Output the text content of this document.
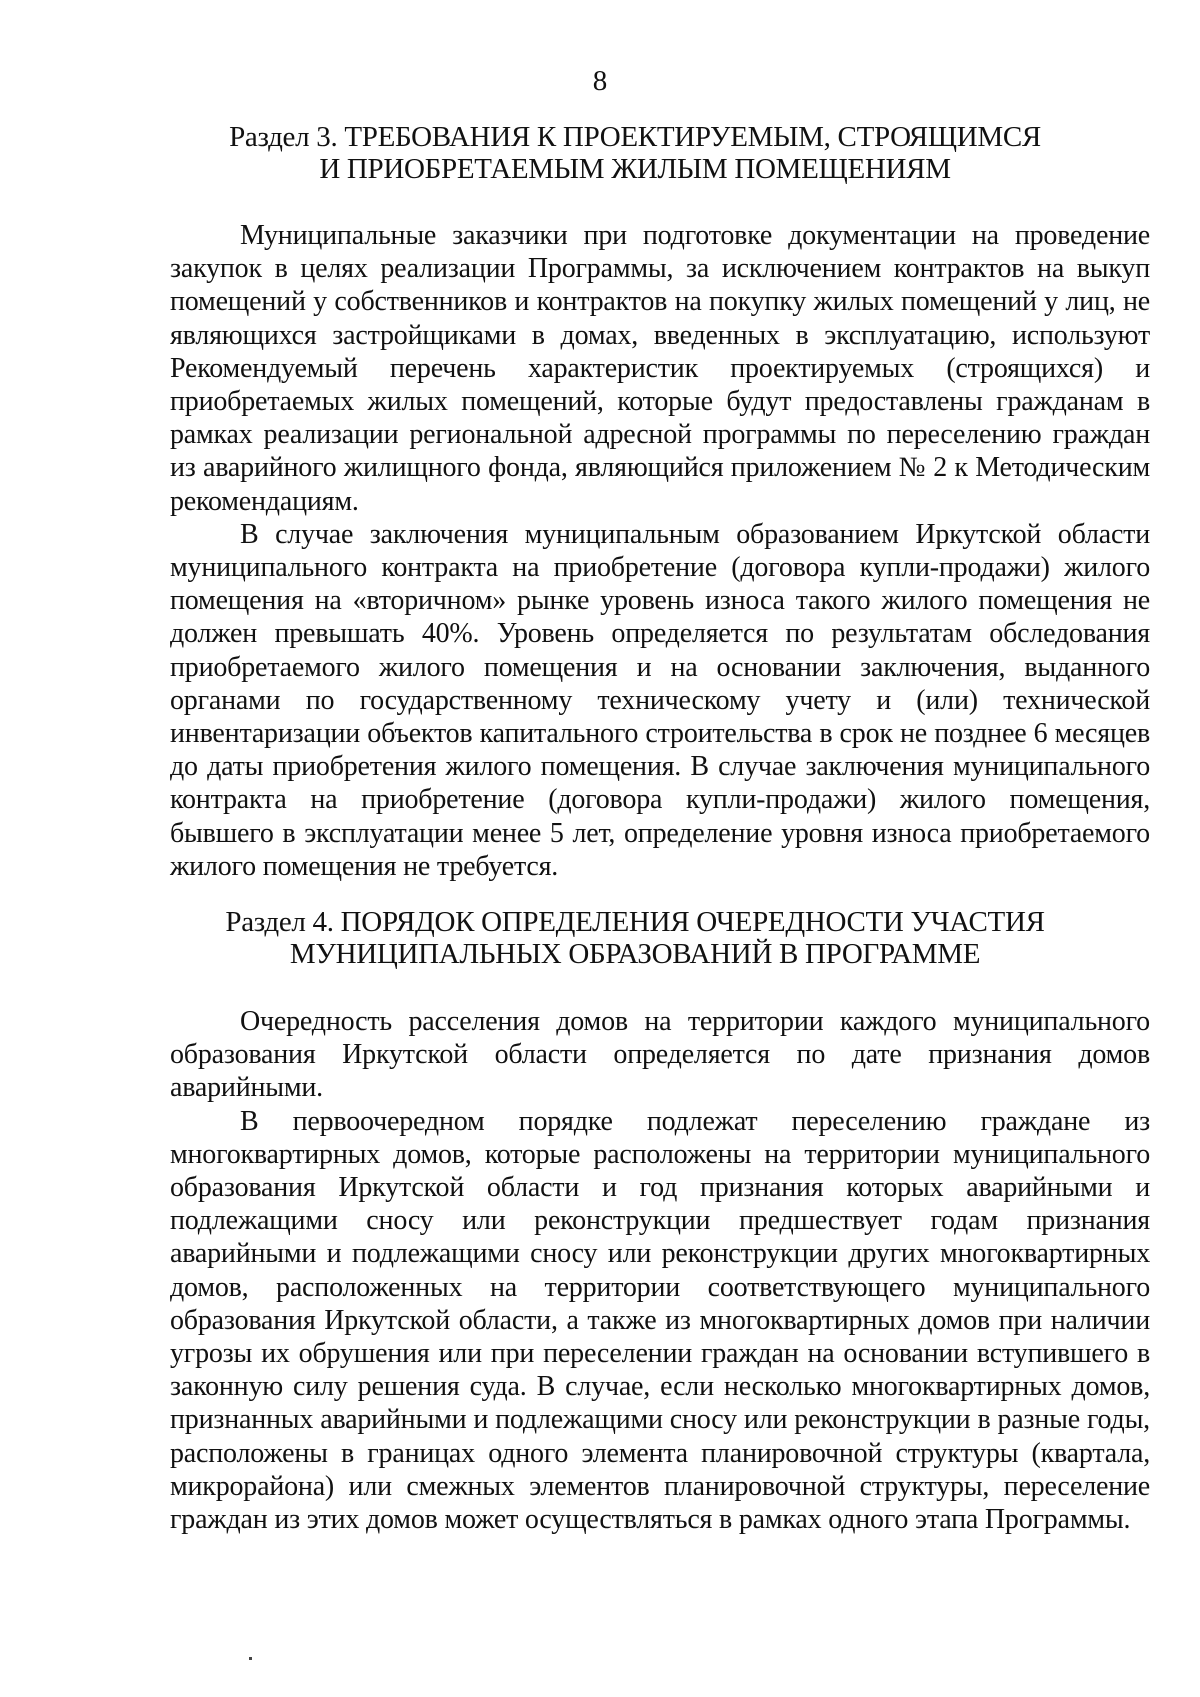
8
Раздел 3. ТРЕБОВАНИЯ К ПРОЕКТИРУЕМЫМ, СТРОЯЩИМСЯ
И ПРИОБРЕТАЕМЫМ ЖИЛЫМ ПОМЕЩЕНИЯМ

Муниципальные заказчики при подготовке документации на проведение закупок в целях реализации Программы, за исключением контрактов на выкуп помещений у собственников и контрактов на покупку жилых помещений у лиц, не являющихся застройщиками в домах, введенных в эксплуатацию, используют Рекомендуемый перечень характеристик проектируемых (строящихся) и приобретаемых жилых помещений, которые будут предоставлены гражданам в рамках реализации региональной адресной программы по переселению граждан из аварийного жилищного фонда, являющийся приложением № 2 к Методическим рекомендациям.

В случае заключения муниципальным образованием Иркутской области муниципального контракта на приобретение (договора купли-продажи) жилого помещения на «вторичном» рынке уровень износа такого жилого помещения не должен превышать 40%. Уровень определяется по результатам обследования приобретаемого жилого помещения и на основании заключения, выданного органами по государственному техническому учету и (или) технической инвентаризации объектов капитального строительства в срок не позднее 6 месяцев до даты приобретения жилого помещения. В случае заключения муниципального контракта на приобретение (договора купли-продажи) жилого помещения, бывшего в эксплуатации менее 5 лет, определение уровня износа приобретаемого жилого помещения не требуется.

Раздел 4. ПОРЯДОК ОПРЕДЕЛЕНИЯ ОЧЕРЕДНОСТИ УЧАСТИЯ
МУНИЦИПАЛЬНЫХ ОБРАЗОВАНИЙ В ПРОГРАММЕ

Очередность расселения домов на территории каждого муниципального образования Иркутской области определяется по дате признания домов аварийными.

В первоочередном порядке подлежат переселению граждане из многоквартирных домов, которые расположены на территории муниципального образования Иркутской области и год признания которых аварийными и подлежащими сносу или реконструкции предшествует годам признания аварийными и подлежащими сносу или реконструкции других многоквартирных домов, расположенных на территории соответствующего муниципального образования Иркутской области, а также из многоквартирных домов при наличии угрозы их обрушения или при переселении граждан на основании вступившего в законную силу решения суда. В случае, если несколько многоквартирных домов, признанных аварийными и подлежащими сносу или реконструкции в разные годы, расположены в границах одного элемента планировочной структуры (квартала, микрорайона) или смежных элементов планировочной структуры, переселение граждан из этих домов может осуществляться в рамках одного этапа Программы.
